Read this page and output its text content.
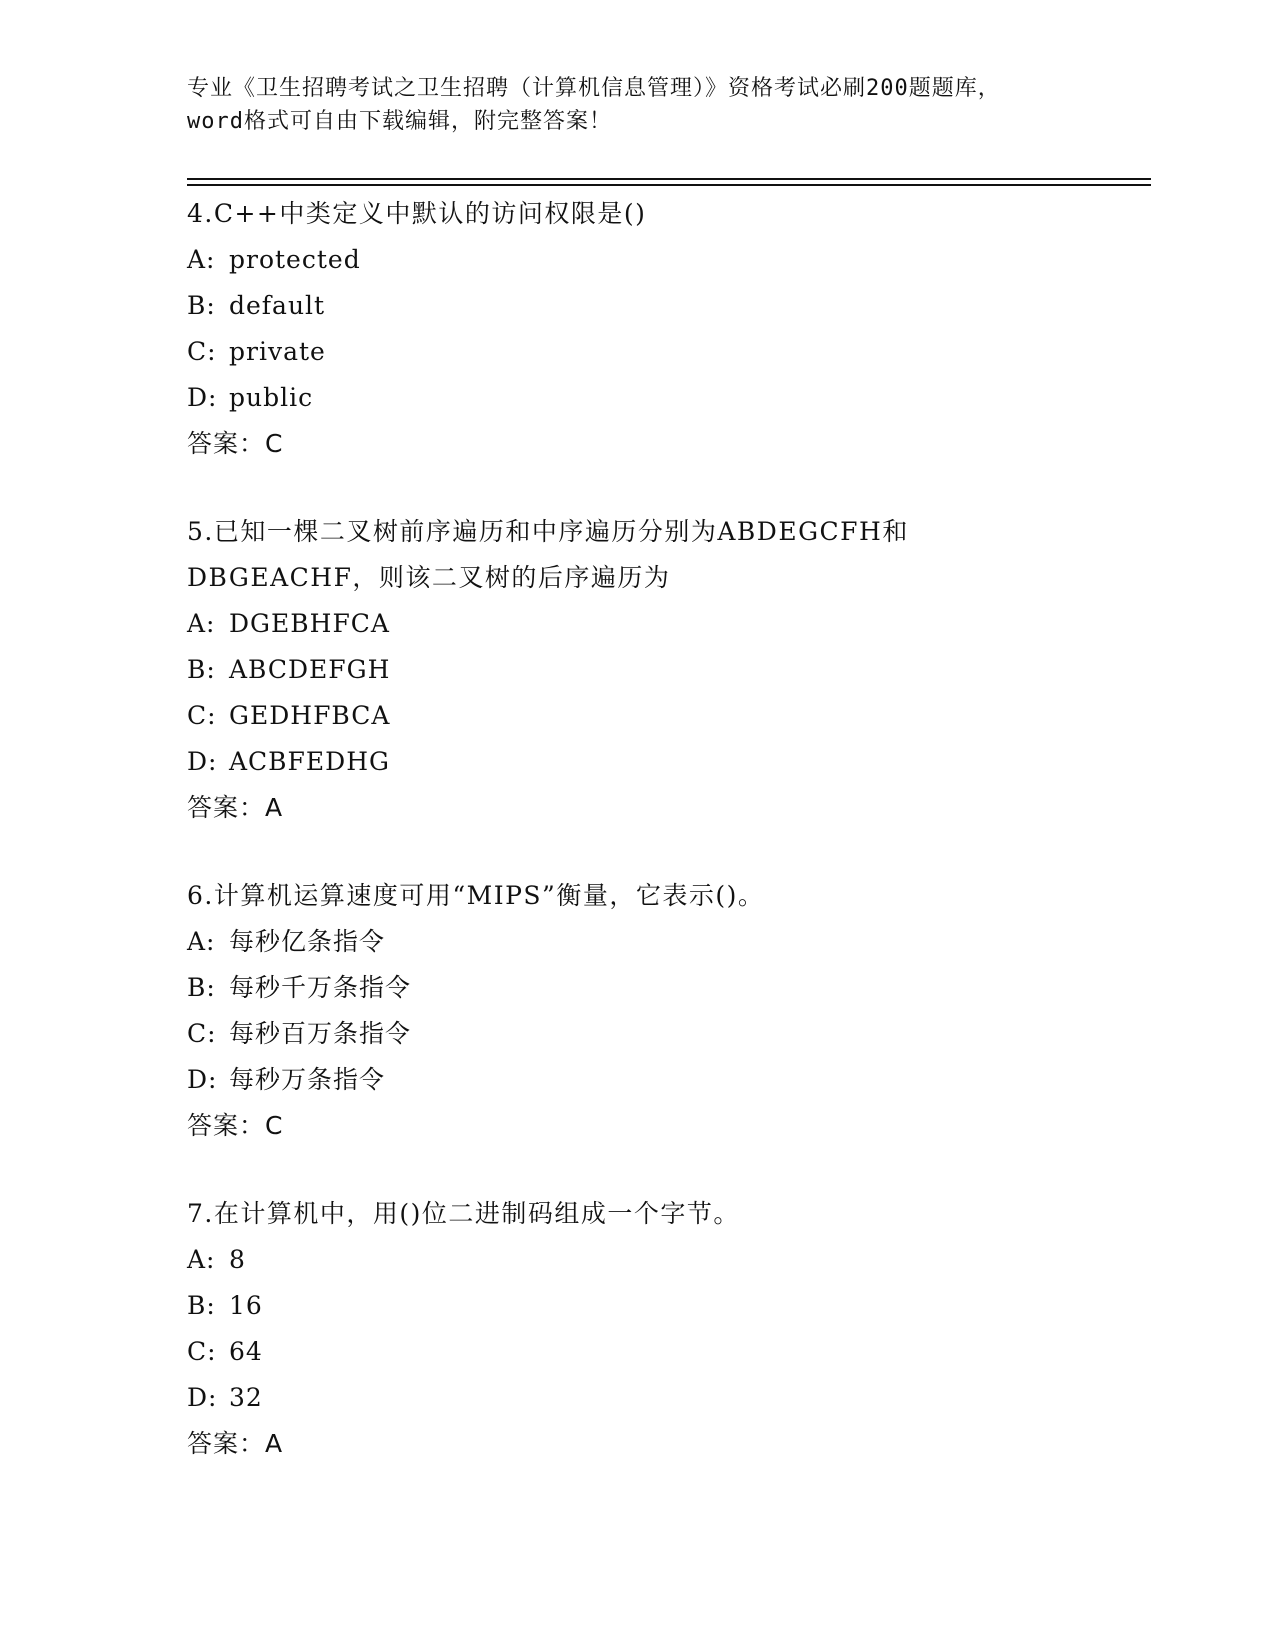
专业《卫生招聘考试之卫生招聘（计算机信息管理）》资格考试必刷200题题库，
word格式可自由下载编辑，附完整答案！
4.C++中类定义中默认的访问权限是()
A: protected
B: default
C: private
D: public
答案：C
5.已知一棵二叉树前序遍历和中序遍历分别为ABDEGCFH和DBGEACHF，则该二叉树的后序遍历为
A: DGEBHFCA
B: ABCDEFGH
C: GEDHFBCA
D: ACBFEDHG
答案：A
6.计算机运算速度可用“MIPS”衡量，它表示()。
A: 每秒亿条指令
B: 每秒千万条指令
C: 每秒百万条指令
D: 每秒万条指令
答案：C
7.在计算机中，用()位二进制码组成一个字节。
A: 8
B: 16
C: 64
D: 32
答案：A
